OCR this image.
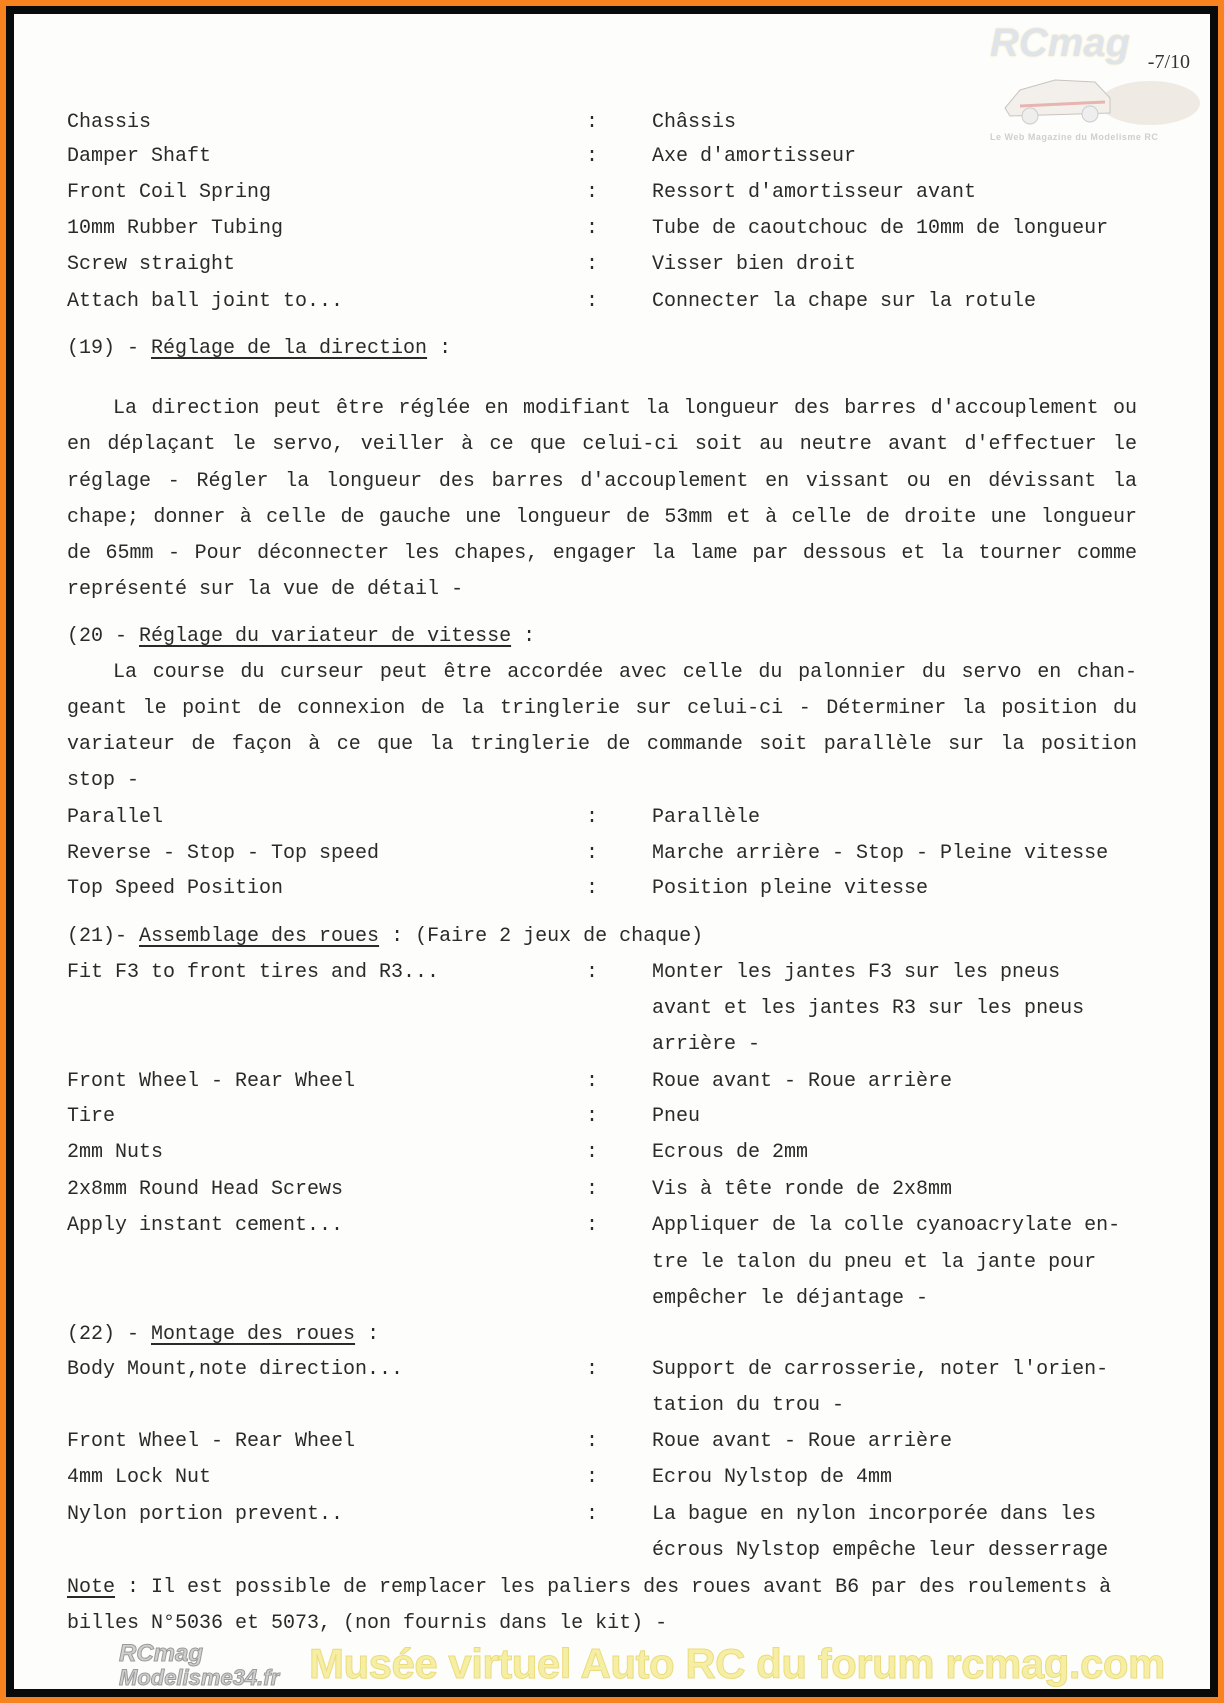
RCmag
Le Web Magazine du Modelisme RC
-7/10
Chassis	:	Châssis
Damper Shaft	:	Axe d'amortisseur
Front Coil Spring	:	Ressort d'amortisseur avant
10mm Rubber Tubing	:	Tube de caoutchouc de 10mm de longueur
Screw straight	:	Visser bien droit
Attach ball joint to...	:	Connecter la chape sur la rotule
(19) - Réglage de la direction :
La direction peut être réglée en modifiant la longueur des barres d'accouplement ou
en déplaçant le servo, veiller à ce que celui-ci soit au neutre avant d'effectuer le
réglage - Régler la longueur des barres d'accouplement en vissant ou en dévissant la
chape; donner à celle de gauche une longueur de 53mm et à celle de droite une longueur
de 65mm - Pour déconnecter les chapes, engager la lame par dessous et la tourner comme
représenté sur la vue de détail -
(20 - Réglage du variateur de vitesse :
La course du curseur peut être accordée avec celle du palonnier du servo en chan-
geant le point de connexion de la tringlerie sur celui-ci - Déterminer la position du
variateur de façon à ce que la tringlerie de commande soit parallèle sur la position
stop -
Parallel	:	Parallèle
Reverse - Stop - Top speed	:	Marche arrière - Stop - Pleine vitesse
Top Speed Position	:	Position pleine vitesse
(21)- Assemblage des roues : (Faire 2 jeux de chaque)
Fit F3 to front tires and R3...	:	Monter les jantes F3 sur les pneus
avant et les jantes R3 sur les pneus
arrière -
Front Wheel - Rear Wheel	:	Roue avant - Roue arrière
Tire	:	Pneu
2mm Nuts	:	Ecrous de 2mm
2x8mm Round Head Screws	:	Vis à tête ronde de 2x8mm
Apply instant cement...	:	Appliquer de la colle cyanoacrylate en-
tre le talon du pneu et la jante pour
empêcher le déjantage -
(22) - Montage des roues :
Body Mount,note direction...	:	Support de carrosserie, noter l'orien-
tation du trou -
Front Wheel - Rear Wheel	:	Roue avant - Roue arrière
4mm Lock Nut	:	Ecrou Nylstop de 4mm
Nylon portion prevent..	:	La bague en nylon incorporée dans les
écrous Nylstop empêche leur desserrage
Note : Il est possible de remplacer les paliers des roues avant B6 par des roulements à
billes N°5036 et 5073, (non fournis dans le kit) -
RCmag
Modelisme34.fr Musée virtuel Auto RC du forum rcmag.com
